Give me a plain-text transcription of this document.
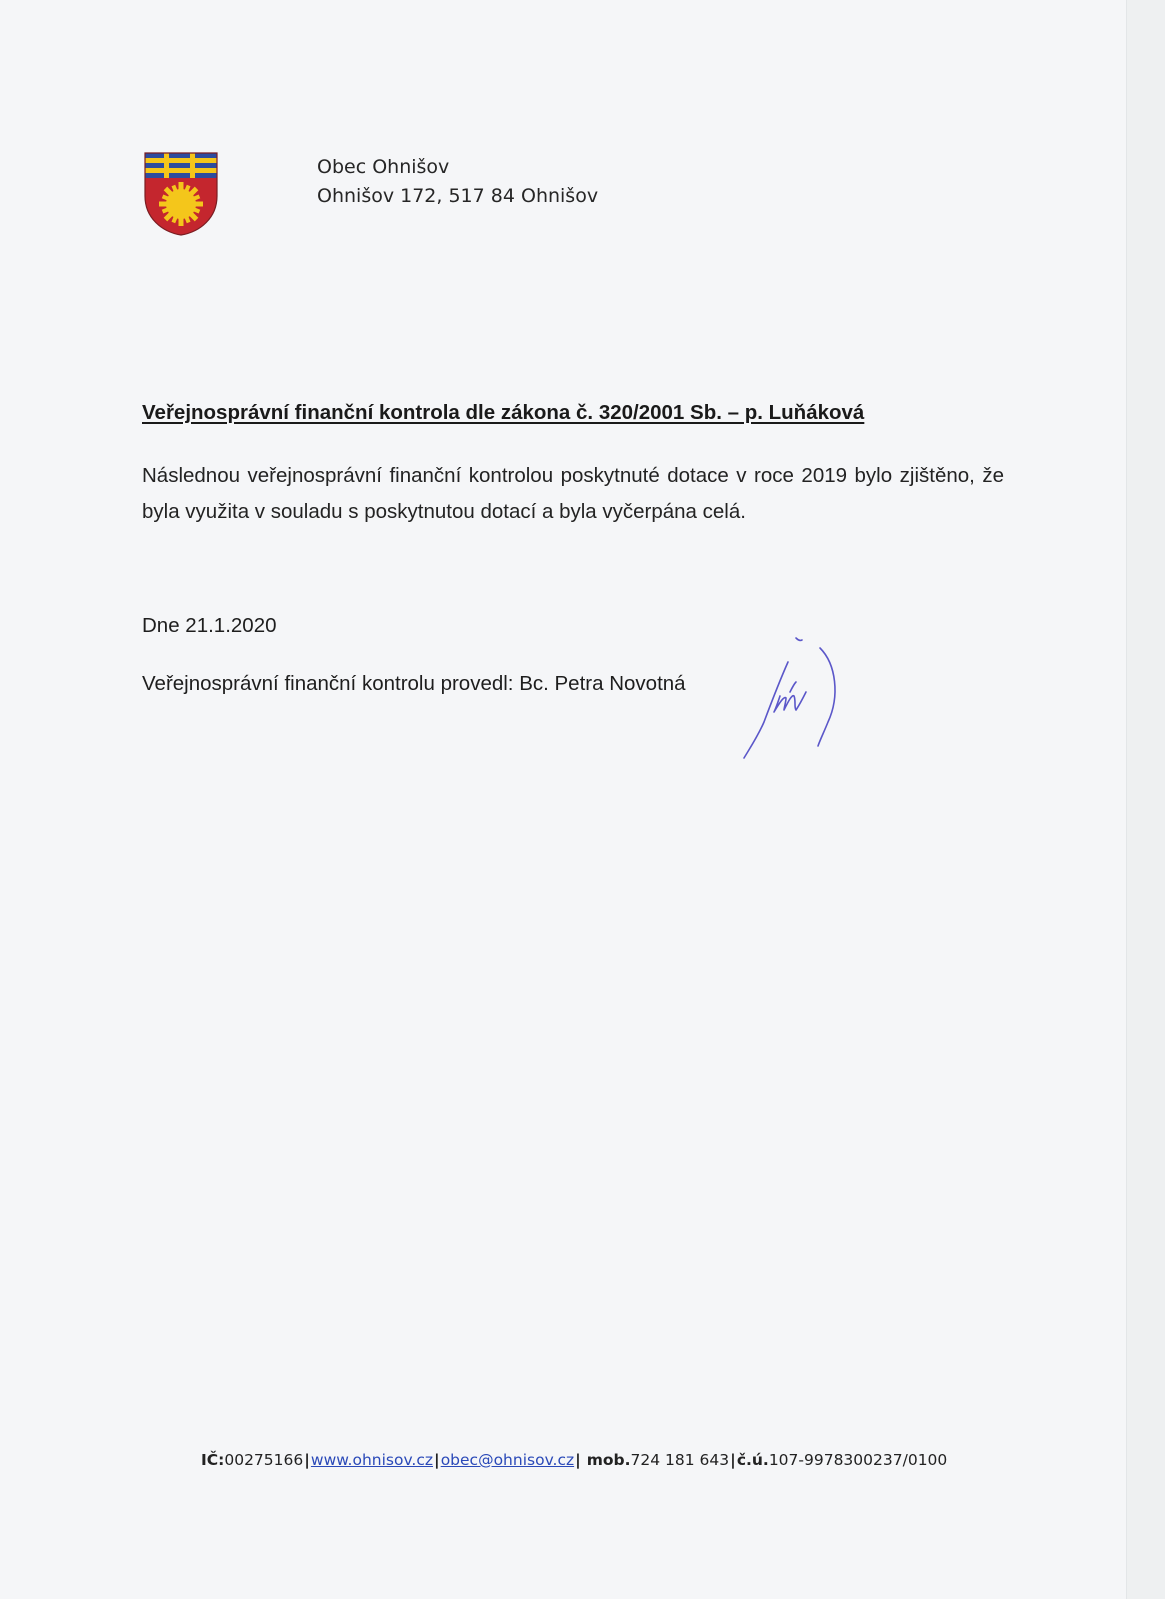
Obec Ohnišov
Ohnišov 172, 517 84 Ohnišov
Veřejnosprávní finanční kontrola dle zákona č. 320/2001 Sb. – p. Luňáková
Následnou veřejnosprávní finanční kontrolou poskytnuté dotace v roce 2019 bylo zjištěno, že byla využita v souladu s poskytnutou dotací a byla vyčerpána celá.
Dne 21.1.2020
Veřejnosprávní finanční kontrolu provedl: Bc. Petra Novotná
IČ:00275166|www.ohnisov.cz|obec@ohnisov.cz| mob.724 181 643|č.ú.107-9978300237/0100
